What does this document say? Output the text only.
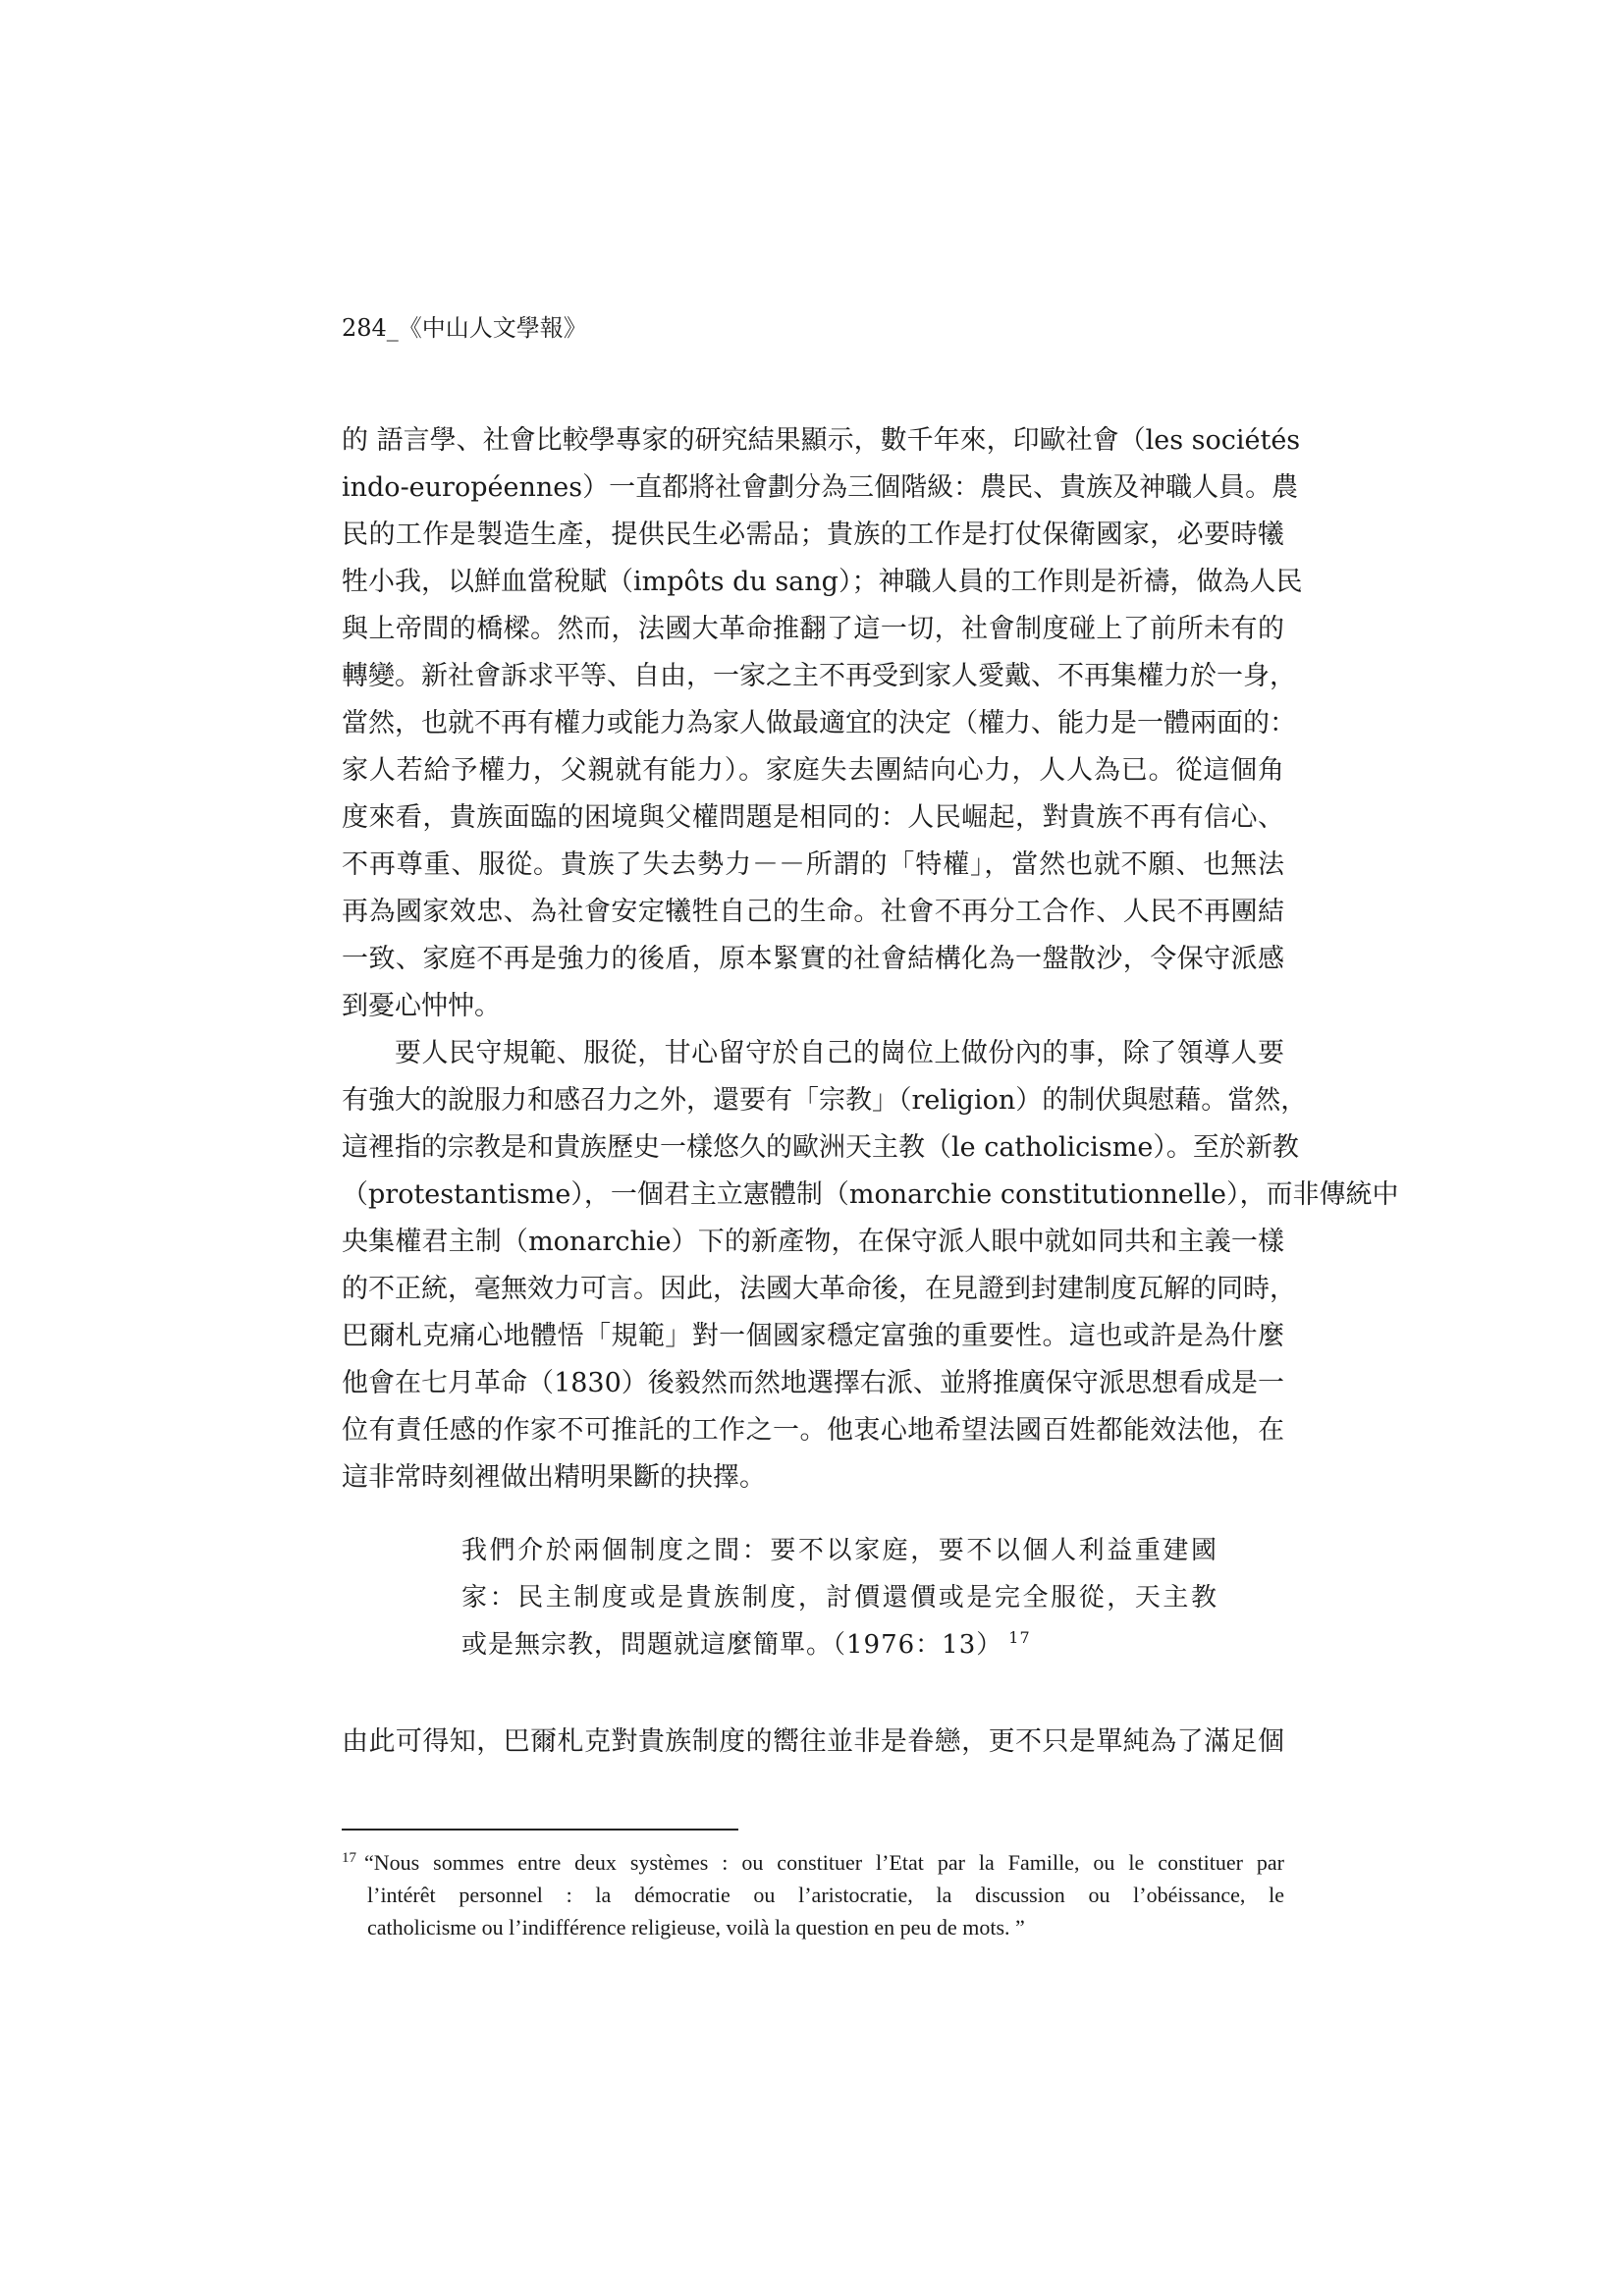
284_《中山人文學報》
的 語言學、社會比較學專家的研究結果顯示，數千年來，印歐社會（les sociétés
indo-européennes）一直都將社會劃分為三個階級：農民、貴族及神職人員。農
民的工作是製造生產，提供民生必需品；貴族的工作是打仗保衛國家，必要時犧
牲小我，以鮮血當稅賦（impôts du sang）；神職人員的工作則是祈禱，做為人民
與上帝間的橋樑。然而，法國大革命推翻了這一切，社會制度碰上了前所未有的
轉變。新社會訴求平等、自由，一家之主不再受到家人愛戴、不再集權力於一身，
當然，也就不再有權力或能力為家人做最適宜的決定（權力、能力是一體兩面的：
家人若給予權力，父親就有能力）。家庭失去團結向心力，人人為已。從這個角
度來看，貴族面臨的困境與父權問題是相同的：人民崛起，對貴族不再有信心、
不再尊重、服從。貴族了失去勢力－－所謂的「特權」，當然也就不願、也無法
再為國家效忠、為社會安定犧牲自己的生命。社會不再分工合作、人民不再團結
一致、家庭不再是強力的後盾，原本緊實的社會結構化為一盤散沙，令保守派感
到憂心忡忡。
要人民守規範、服從，甘心留守於自己的崗位上做份內的事，除了領導人要
有強大的說服力和感召力之外，還要有「宗教」（religion）的制伏與慰藉。當然，
這裡指的宗教是和貴族歷史一樣悠久的歐洲天主教（le catholicisme）。至於新教
（protestantisme），一個君主立憲體制（monarchie constitutionnelle），而非傳統中
央集權君主制（monarchie）下的新產物，在保守派人眼中就如同共和主義一樣
的不正統，毫無效力可言。因此，法國大革命後，在見證到封建制度瓦解的同時，
巴爾札克痛心地體悟「規範」對一個國家穩定富強的重要性。這也或許是為什麼
他會在七月革命（1830）後毅然而然地選擇右派、並將推廣保守派思想看成是一
位有責任感的作家不可推託的工作之一。他衷心地希望法國百姓都能效法他，在
這非常時刻裡做出精明果斷的抉擇。
我們介於兩個制度之間：要不以家庭，要不以個人利益重建國
家：民主制度或是貴族制度，討價還價或是完全服從，天主教
或是無宗教，問題就這麼簡單。（1976：13） $^{17}$
由此可得知，巴爾札克對貴族制度的嚮往並非是眷戀，更不只是單純為了滿足個
$^{17}$ “Nous sommes entre deux systèmes : ou constituer l’Etat par la Famille, ou le constituer par
l’intérêt personnel : la démocratie ou l’aristocratie, la discussion ou l’obéissance, le
catholicisme ou l’indifférence religieuse, voilà la question en peu de mots. ”
